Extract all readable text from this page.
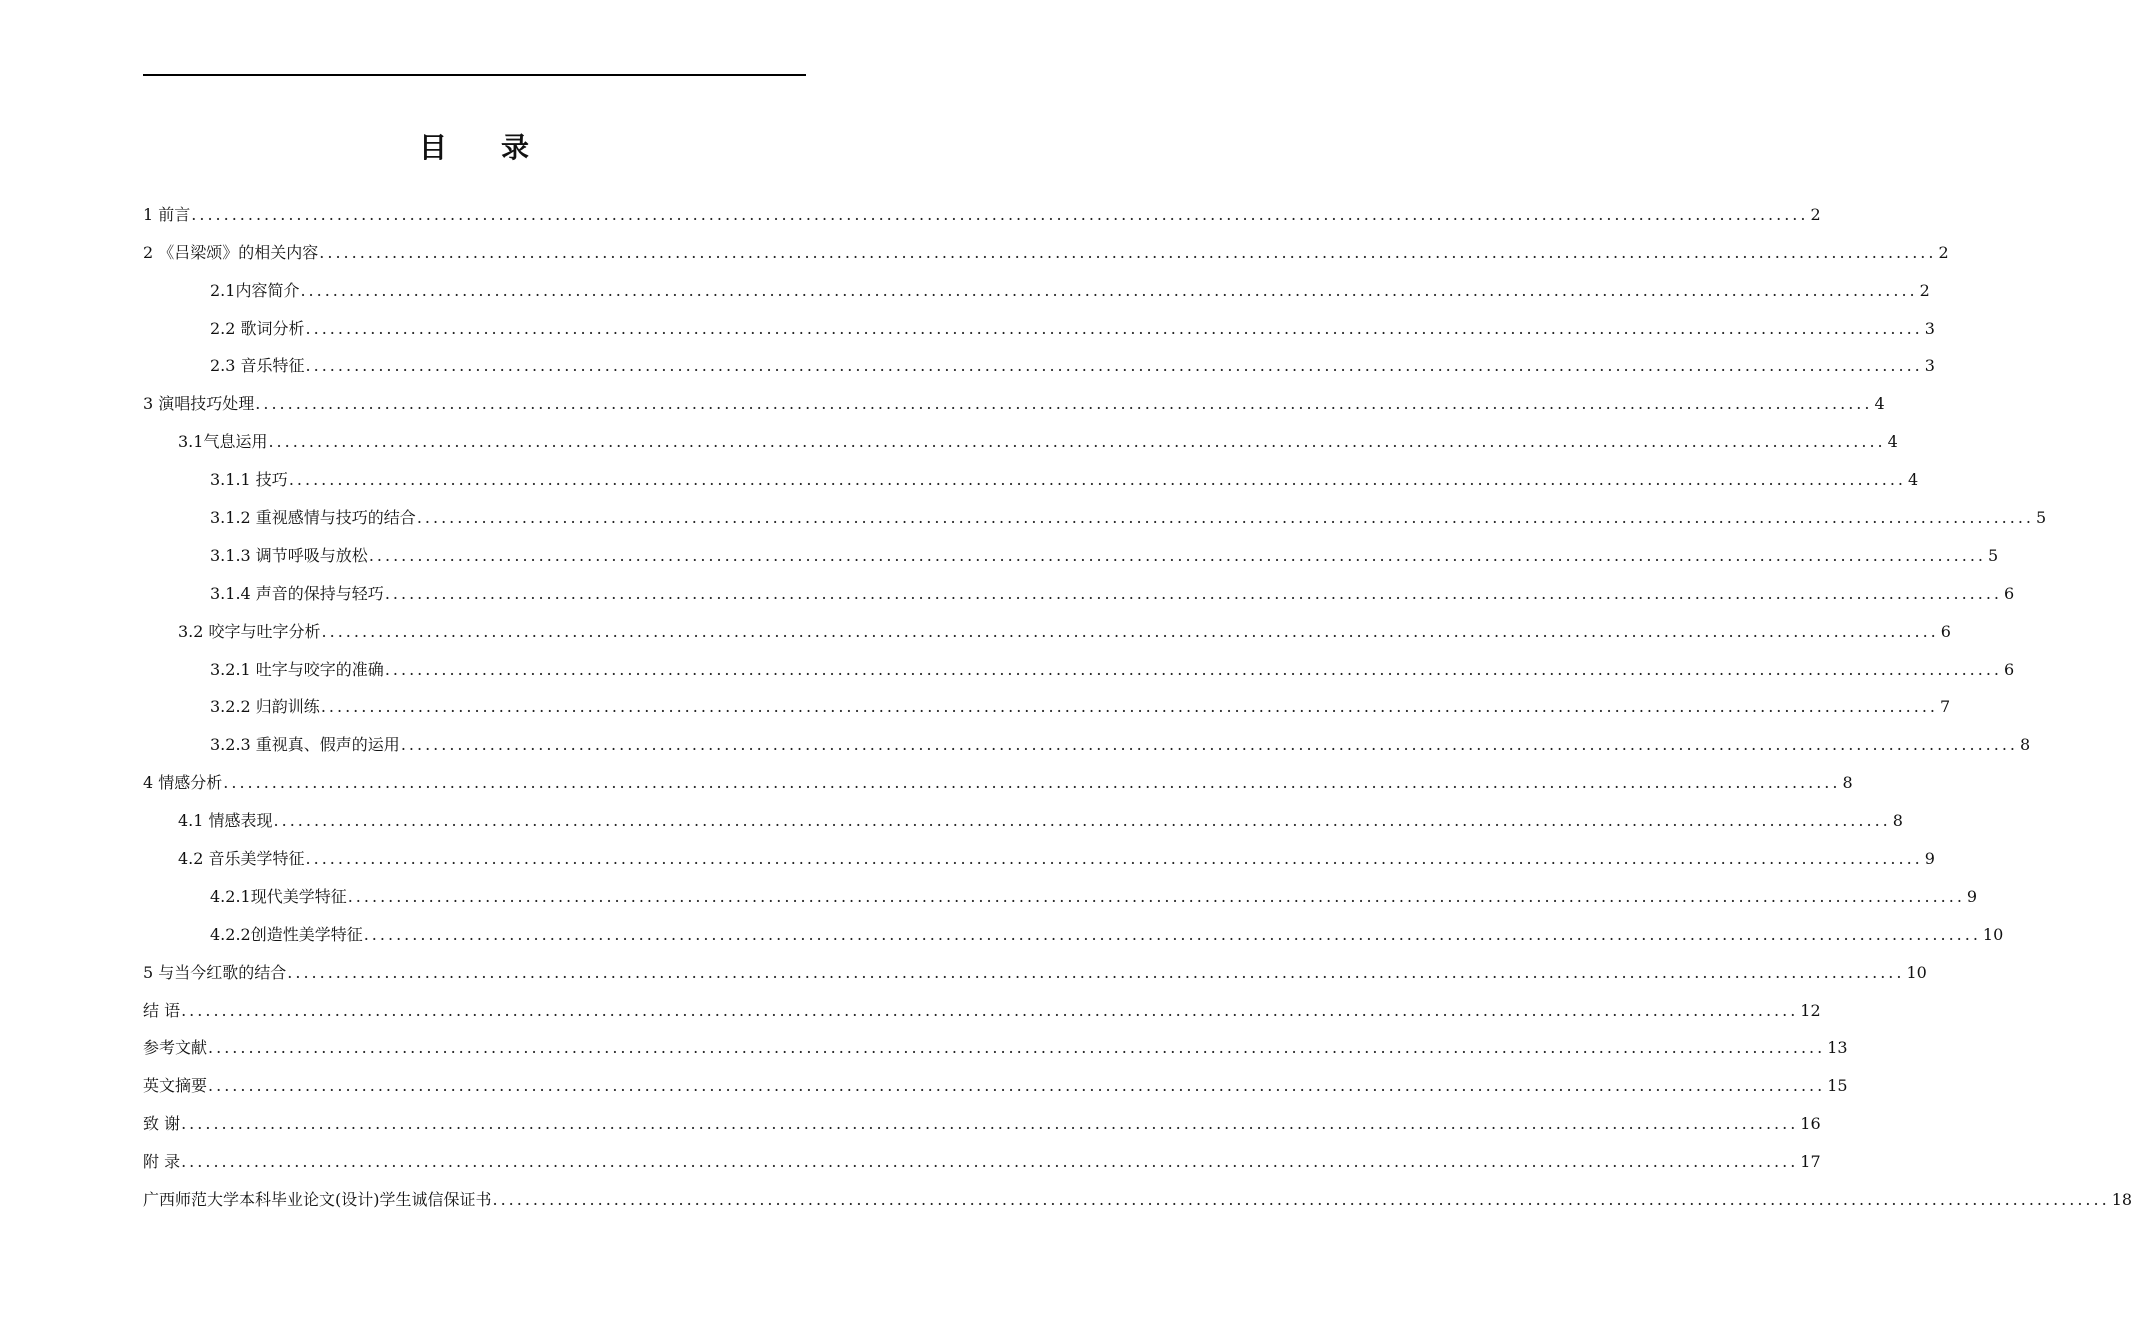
目 录
1 前言 ........................................................................................................................................................................................................ 2
2 《吕梁颂》的相关内容 ........................................................................................................................................................................................................ 2
2.1内容简介 ........................................................................................................................................................................................................ 2
2.2 歌词分析 ........................................................................................................................................................................................................ 3
2.3 音乐特征 ........................................................................................................................................................................................................ 3
3 演唱技巧处理 ........................................................................................................................................................................................................ 4
3.1气息运用 ........................................................................................................................................................................................................ 4
3.1.1 技巧 ........................................................................................................................................................................................................ 4
3.1.2 重视感情与技巧的结合 ........................................................................................................................................................................................................ 5
3.1.3 调节呼吸与放松 ........................................................................................................................................................................................................ 5
3.1.4 声音的保持与轻巧 ........................................................................................................................................................................................................ 6
3.2 咬字与吐字分析 ........................................................................................................................................................................................................ 6
3.2.1 吐字与咬字的准确 ........................................................................................................................................................................................................ 6
3.2.2 归韵训练 ........................................................................................................................................................................................................ 7
3.2.3 重视真、假声的运用 ........................................................................................................................................................................................................ 8
4 情感分析 ........................................................................................................................................................................................................ 8
4.1 情感表现 ........................................................................................................................................................................................................ 8
4.2 音乐美学特征 ........................................................................................................................................................................................................ 9
4.2.1现代美学特征 ........................................................................................................................................................................................................ 9
4.2.2创造性美学特征 ........................................................................................................................................................................................................ 10
5 与当今红歌的结合 ........................................................................................................................................................................................................ 10
结 语 ........................................................................................................................................................................................................ 12
参考文献 ........................................................................................................................................................................................................ 13
英文摘要 ........................................................................................................................................................................................................ 15
致 谢 ........................................................................................................................................................................................................ 16
附 录 ........................................................................................................................................................................................................ 17
广西师范大学本科毕业论文(设计)学生诚信保证书 ........................................................................................................................................................................................................ 18
